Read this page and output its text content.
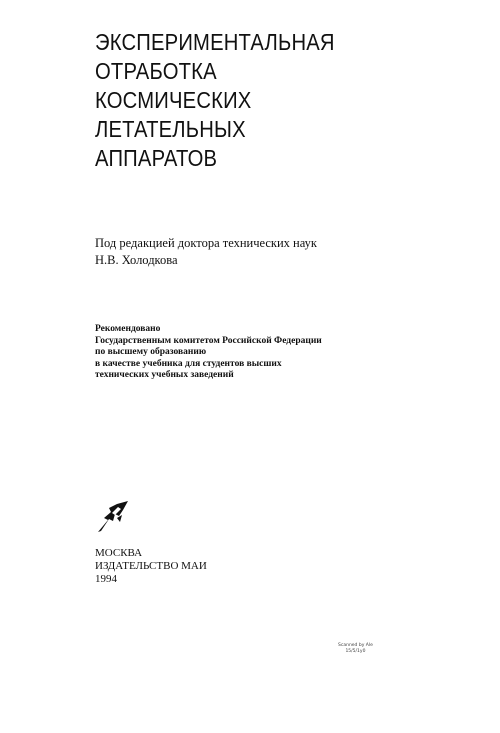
ЭКСПЕРИМЕНТАЛЬНАЯ
ОТРАБОТКА
КОСМИЧЕСКИХ
ЛЕТАТЕЛЬНЫХ
АППАРАТОВ
Под редакцией доктора технических наук
Н.В. Холодкова
Рекомендовано
Государственным комитетом Российской Федерации
по высшему образованию
в качестве учебника для студентов высших
технических учебных заведений
МОСКВА
ИЗДАТЕЛЬСТВО МАИ
1994
Scanned by Ale
15/5/1y0
